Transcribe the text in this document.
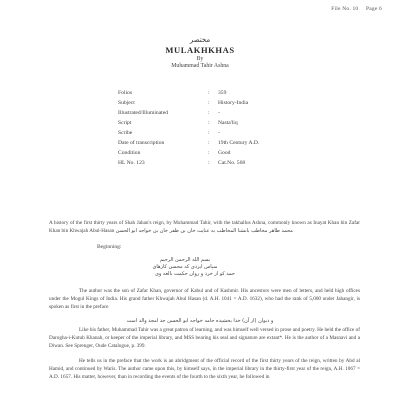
File No. 10 Page 6
مختصر
MULAKHKHAS
By
Muhammad Tahir Ashna
Folios	:	359
Subject	:	History-India
Illustrated/Illuminated	:	-
Script	:	Nasta'liq
Scribe	:	-
Date of transcription	:	19th Century A.D.
Condition	:	Good
HL No. 123	:	Cat.No. 568
A history of the first thirty years of Shah Jahan's reign, by Muhammad Tahir, with the takhallus Ashna, commonly known as Inayat Khan bin Zafar Khan bin Khwajah Abul-Hasan محمد طاهر مخاطب بانشنا المخاطب به عنایت خان بن ظفر خان بن خواجه ابو الحسن
Beginning:
بسم الله الرحمن الرحيم
سپاس ایزدی که محسن کارهای
حمد کو از خرد و روان حکمت بالغه وی
The author was the son of Zafar Khan, governor of Kabul and of Kashmir. His ancestors were men of letters, and held high offices under the Mogul Kings of India. His grand father Khwajah Abul Hasan (d. A.H. 1041 = A.D. 1632), who had the rank of 5,000 under Jahangir, is spoken as first in the preface
و دیوان (از آن) خدا بخشیده حامه خواجه ابو الحسن جد امجد والد است
Like his father, Muhammad Tahir was a great patron of learning, and was himself well versed in prose and poetry. He held the office of Darogha-i-Kutub Khanah, or keeper of the imperial library, and MSS bearing his seal and signature are extant*. He is the author of a Masnavi and a Diwan. See Sprenger, Oude Catalogue, p. 399.
He tells us in the preface that the work is an abridgment of the official record of the first thirty years of the reign, written by Abd al Hamid, and continued by Waris. The author came upon this, by himself says, in the imperial library in the thirty-first year of the reign, A.H. 1067 = A.D. 1657. His matter, however, than in recording the events of the fourth to the sixth year, he followed in
